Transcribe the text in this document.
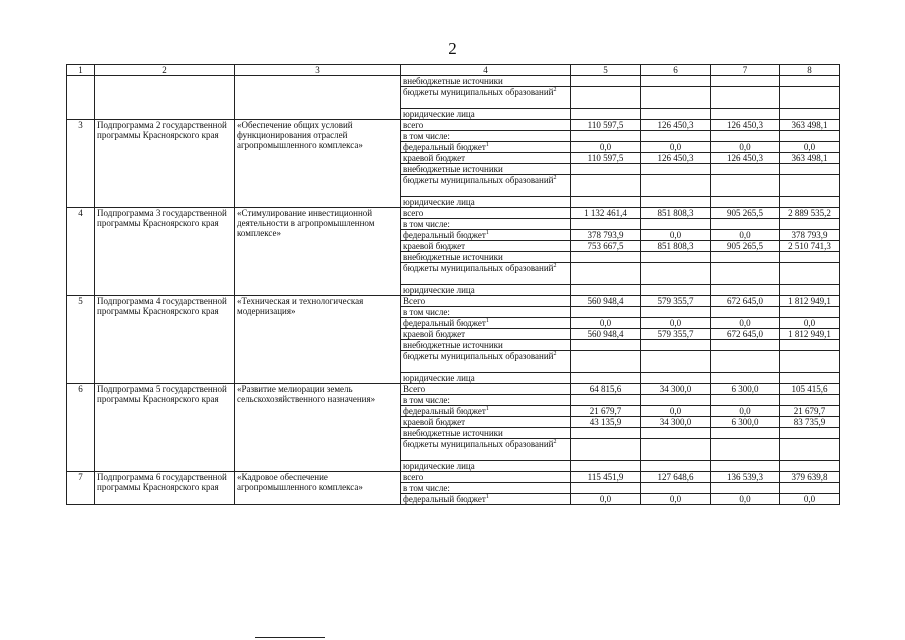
2
1	2	3	4	5	6	7	8
			внебюджетные источники				
			бюджеты муниципальных образований$^2$				
			юридические лица				
3	Подпрограмма 2 государственной программы Красноярского края	«Обеспечение общих условий функционирования отраслей агропромышленного комплекса»	всего	110 597,5	126 450,3	126 450,3	363 498,1
			в том числе:				
			федеральный бюджет$^1$	0,0	0,0	0,0	0,0
			краевой бюджет	110 597,5	126 450,3	126 450,3	363 498,1
			внебюджетные источники				
			бюджеты муниципальных образований$^2$				
			юридические лица				
4	Подпрограмма 3 государственной программы Красноярского края	«Стимулирование инвестиционной деятельности в агропромышленном комплексе»	всего	1 132 461,4	851 808,3	905 265,5	2 889 535,2
			в том числе:				
			федеральный бюджет$^1$	378 793,9	0,0	0,0	378 793,9
			краевой бюджет	753 667,5	851 808,3	905 265,5	2 510 741,3
			внебюджетные источники				
			бюджеты муниципальных образований$^2$				
			юридические лица				
5	Подпрограмма 4 государственной программы Красноярского края	«Техническая и технологическая модернизация»	Всего	560 948,4	579 355,7	672 645,0	1 812 949,1
			в том числе:				
			федеральный бюджет$^1$	0,0	0,0	0,0	0,0
			краевой бюджет	560 948,4	579 355,7	672 645,0	1 812 949,1
			внебюджетные источники				
			бюджеты муниципальных образований$^2$				
			юридические лица				
6	Подпрограмма 5 государственной программы Красноярского края	«Развитие мелиорации земель сельскохозяйственного назначения»	Всего	64 815,6	34 300,0	6 300,0	105 415,6
			в том числе:				
			федеральный бюджет$^1$	21 679,7	0,0	0,0	21 679,7
			краевой бюджет	43 135,9	34 300,0	6 300,0	83 735,9
			внебюджетные источники				
			бюджеты муниципальных образований$^2$				
			юридические лица				
7	Подпрограмма 6 государственной программы Красноярского края	«Кадровое обеспечение агропромышленного комплекса»	всего	115 451,9	127 648,6	136 539,3	379 639,8
			в том числе:				
			федеральный бюджет$^1$	0,0	0,0	0,0	0,0
